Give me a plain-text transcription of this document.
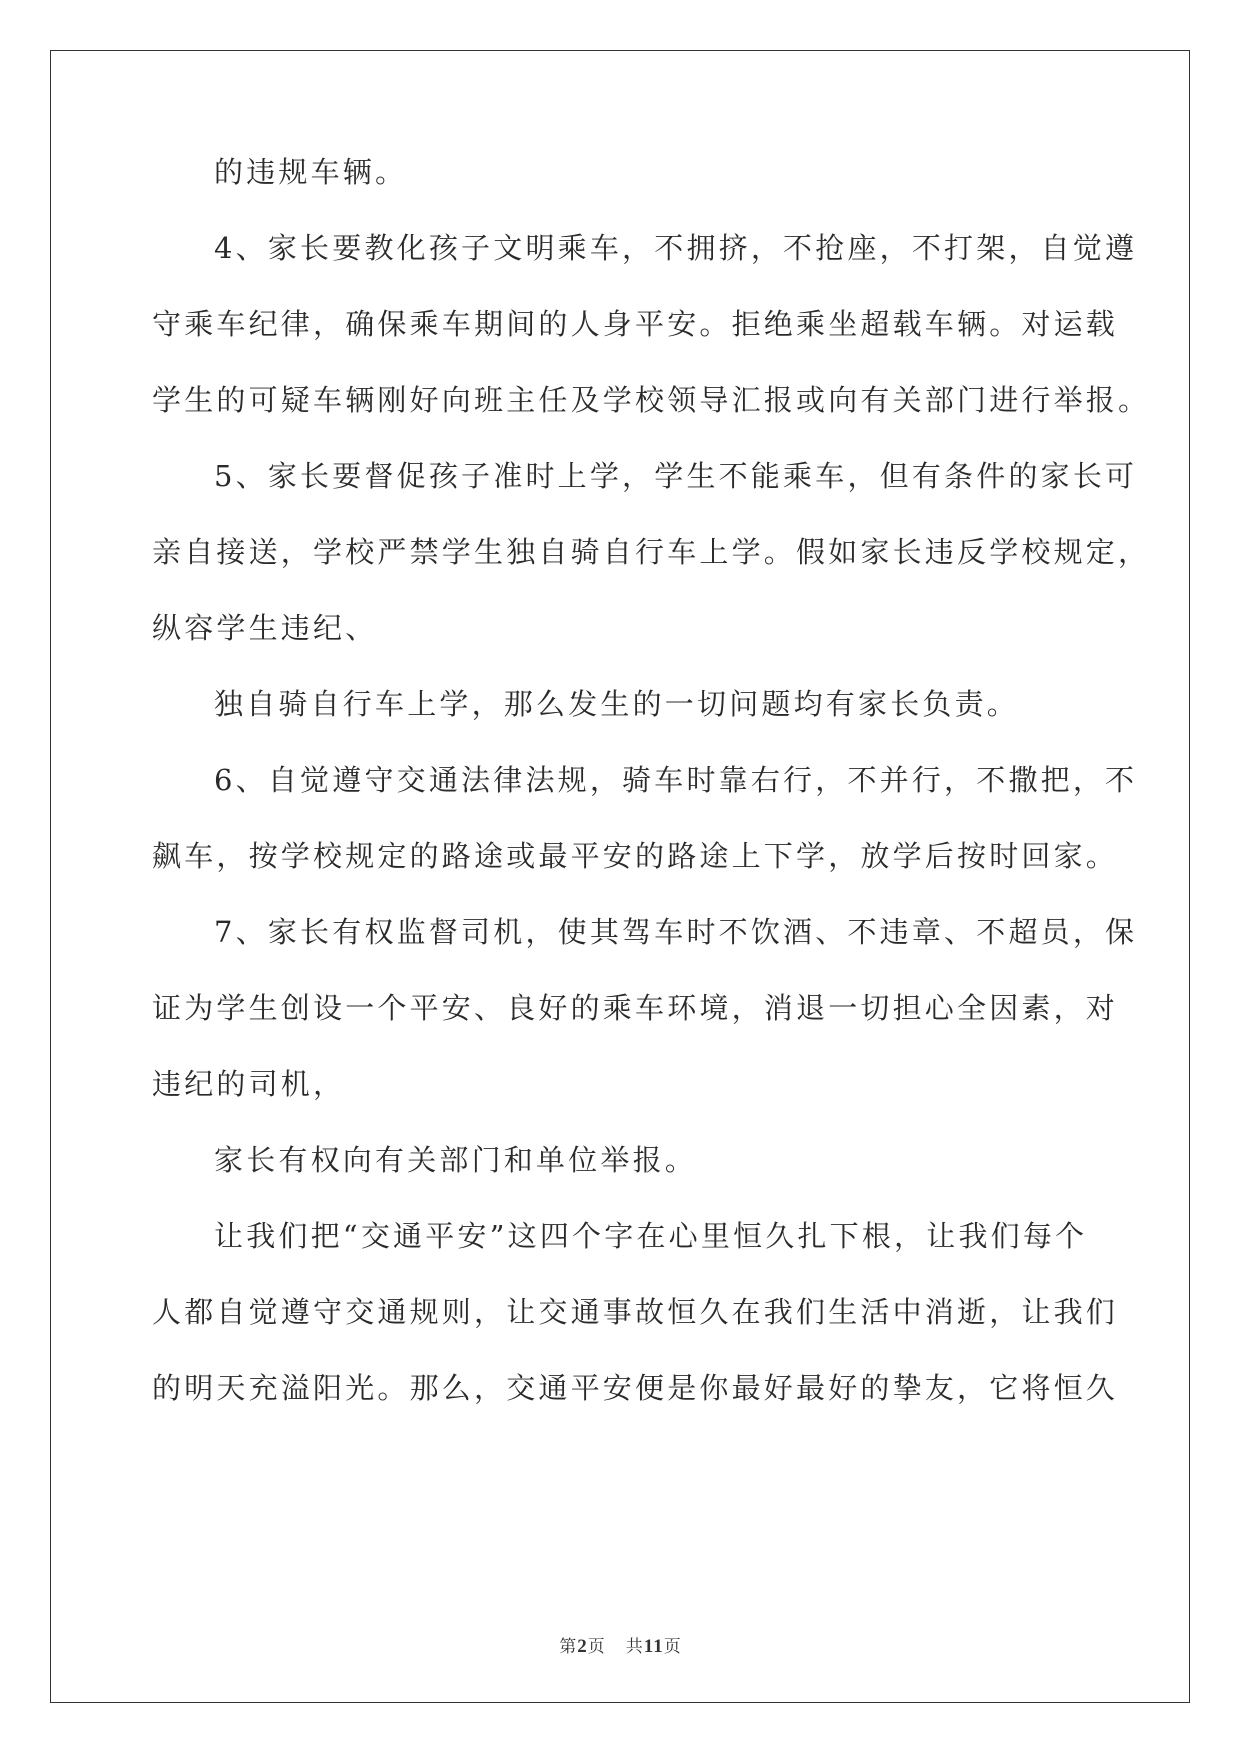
的违规车辆。
4、家长要教化孩子文明乘车，不拥挤，不抢座，不打架，自觉遵
守乘车纪律，确保乘车期间的人身平安。拒绝乘坐超载车辆。对运载
学生的可疑车辆刚好向班主任及学校领导汇报或向有关部门进行举报。
5、家长要督促孩子准时上学，学生不能乘车，但有条件的家长可
亲自接送，学校严禁学生独自骑自行车上学。假如家长违反学校规定，
纵容学生违纪、
独自骑自行车上学，那么发生的一切问题均有家长负责。
6、自觉遵守交通法律法规，骑车时靠右行，不并行，不撒把，不
飙车，按学校规定的路途或最平安的路途上下学，放学后按时回家。
7、家长有权监督司机，使其驾车时不饮酒、不违章、不超员，保
证为学生创设一个平安、良好的乘车环境，消退一切担心全因素，对
违纪的司机，
家长有权向有关部门和单位举报。
让我们把“交通平安”这四个字在心里恒久扎下根，让我们每个
人都自觉遵守交通规则，让交通事故恒久在我们生活中消逝，让我们
的明天充溢阳光。那么，交通平安便是你最好最好的挚友，它将恒久
第2页 共11页
